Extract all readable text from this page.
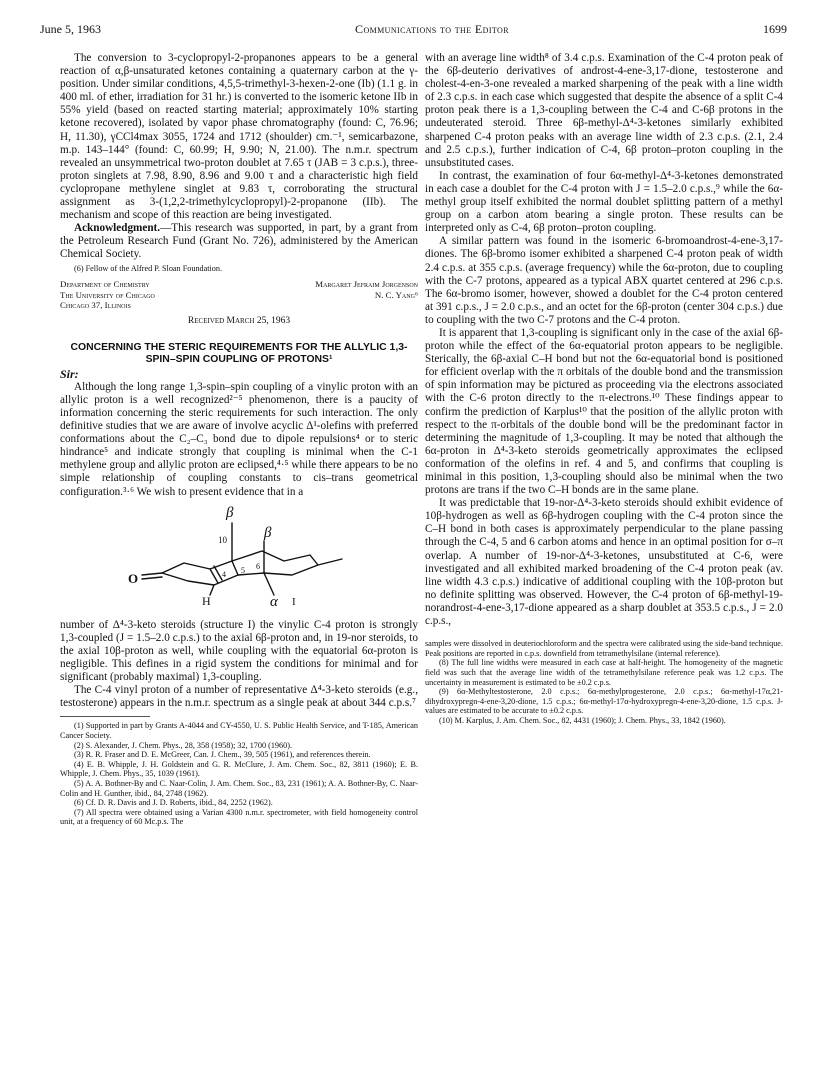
June 5, 1963	Communications to the Editor	1699

The conversion to 3-cyclopropyl-2-propanones appears to be a general reaction of α,β-unsaturated ketones containing a quaternary carbon at the γ-position. Under similar conditions, 4,5,5-trimethyl-3-hexen-2-one (Ib) (1.1 g. in 400 ml. of ether, irradiation for 31 hr.) is converted to the isomeric ketone IIb in 55% yield (based on reacted starting material; approximately 10% starting ketone recovered), isolated by vapor phase chromatography (found: C, 76.96; H, 11.30), γCCl4max 3055, 1724 and 1712 (shoulder) cm.⁻¹, semicarbazone, m.p. 143–144° (found: C, 60.99; H, 9.90; N, 21.00). The n.m.r. spectrum revealed an unsymmetrical two-proton doublet at 7.65 τ (JAB = 3 c.p.s.), three-proton singlets at 7.98, 8.90, 8.96 and 9.00 τ and a characteristic high field cyclopropane methylene singlet at 9.83 τ, corroborating the structural assignment as 3-(1,2,2-trimethylcyclopropyl)-2-propanone (IIb). The mechanism and scope of this reaction are being investigated.

Acknowledgment.—This research was supported, in part, by a grant from the Petroleum Research Fund (Grant No. 726), administered by the American Chemical Society.

(6) Fellow of the Alfred P. Sloan Foundation.

Department of Chemistry
The University of Chicago
Chicago 37, Illinois
Margaret Jefraim Jorgenson
N. C. Yang⁶
Received March 25, 1963
CONCERNING THE STERIC REQUIREMENTS FOR THE ALLYLIC 1,3-SPIN–SPIN COUPLING OF PROTONS¹

Sir:

Although the long range 1,3-spin–spin coupling of a vinylic proton with an allylic proton is a well recognized²⁻⁵ phenomenon, there is a paucity of information concerning the steric requirements for such interaction. The only definitive studies that we are aware of involve acyclic Δ¹-olefins with preferred conformations about the C₂–C₃ bond due to dipole repulsions⁴ or to steric hindrance⁵ and indicate strongly that coupling is minimal when the C-1 methylene group and allylic proton are eclipsed,⁴·⁵ while there appears to be no simple relationship of coupling constants to cis–trans geometrical configuration.³·⁶ We wish to present evidence that in a

β
10 β
O	4 5 6
H	α I

number of Δ⁴-3-keto steroids (structure I) the vinylic C-4 proton is strongly 1,3-coupled (J = 1.5–2.0 c.p.s.) to the axial 6β-proton and, in 19-nor steroids, to the axial 10β-proton as well, while coupling with the equatorial 6α-proton is negligible. This defines in a rigid system the conditions for minimal and for significant (probably maximal) 1,3-coupling.

The C-4 vinyl proton of a number of representative Δ⁴-3-keto steroids (e.g., testosterone) appears in the n.m.r. spectrum as a single peak at about 344 c.p.s.⁷

(1) Supported in part by Grants A-4044 and CY-4550, U. S. Public Health Service, and T-185, American Cancer Society.

(2) S. Alexander, J. Chem. Phys., 28, 358 (1958); 32, 1700 (1960).

(3) R. R. Fraser and D. E. McGreer, Can. J. Chem., 39, 505 (1961), and references therein.

(4) E. B. Whipple, J. H. Goldstein and G. R. McClure, J. Am. Chem. Soc., 82, 3811 (1960); E. B. Whipple, J. Chem. Phys., 35, 1039 (1961).

(5) A. A. Bothner-By and C. Naar-Colin, J. Am. Chem. Soc., 83, 231 (1961); A. A. Bothner-By, C. Naar-Colin and H. Gunther, ibid., 84, 2748 (1962).

(6) Cf. D. R. Davis and J. D. Roberts, ibid., 84, 2252 (1962).

(7) All spectra were obtained using a Varian 4300 n.m.r. spectrometer, with field homogeneity control unit, at a frequency of 60 Mc.p.s. The

with an average line width⁸ of 3.4 c.p.s. Examination of the C-4 proton peak of the 6β-deuterio derivatives of androst-4-ene-3,17-dione, testosterone and cholest-4-en-3-one revealed a marked sharpening of the peak with a line width of 2.3 c.p.s. in each case which suggested that despite the absence of a split C-4 proton peak there is a 1,3-coupling between the C-4 and C-6β protons in the undeuterated steroid. Three 6β-methyl-Δ⁴-3-ketones similarly exhibited sharpened C-4 proton peaks with an average line width of 2.3 c.p.s. (2.1, 2.4 and 2.5 c.p.s.), further indication of C-4, 6β proton–proton coupling in the unsubstituted cases.

In contrast, the examination of four 6α-methyl-Δ⁴-3-ketones demonstrated in each case a doublet for the C-4 proton with J = 1.5–2.0 c.p.s.,⁹ while the 6α-methyl group itself exhibited the normal doublet splitting pattern of a methyl group on a carbon atom bearing a single proton. These results can be interpreted only as C-4, 6β proton–proton coupling.

A similar pattern was found in the isomeric 6-bromoandrost-4-ene-3,17-diones. The 6β-bromo isomer exhibited a sharpened C-4 proton peak of width 2.4 c.p.s. at 355 c.p.s. (average frequency) while the 6α-proton, due to coupling with the C-7 protons, appeared as a typical ABX quartet centered at 296 c.p.s. The 6α-bromo isomer, however, showed a doublet for the C-4 proton centered at 391 c.p.s., J = 2.0 c.p.s., and an octet for the 6β-proton (center 304 c.p.s.) due to coupling with the two C-7 protons and the C-4 proton.

It is apparent that 1,3-coupling is significant only in the case of the axial 6β-proton while the effect of the 6α-equatorial proton appears to be negligible. Sterically, the 6β-axial C–H bond but not the 6α-equatorial bond is positioned for efficient overlap with the π orbitals of the double bond and the transmission of spin information may be pictured as proceeding via the electrons associated with the C-6 proton directly to the π-electrons.¹⁰ These findings appear to confirm the prediction of Karplus¹⁰ that the position of the allylic proton with respect to the π-orbitals of the double bond will be the predominant factor in determining the magnitude of 1,3-coupling. It may be noted that although the 6α-proton in Δ⁴-3-keto steroids geometrically approximates the eclipsed conformation of the olefins in ref. 4 and 5, and confirms that coupling is minimal in this position, 1,3-coupling should also be minimal when the two protons are trans if the two C–H bonds are in the same plane.

It was predictable that 19-nor-Δ⁴-3-keto steroids should exhibit evidence of 10β-hydrogen as well as 6β-hydrogen coupling with the C-4 proton since the C–H bond in both cases is approximately perpendicular to the plane passing through the C-4, 5 and 6 carbon atoms and hence in an optimal position for σ–π overlap. A number of 19-nor-Δ⁴-3-ketones, unsubstituted at C-6, were investigated and all exhibited marked broadening of the C-4 proton peak (av. line width 4.3 c.p.s.) indicative of additional coupling with the 10β-proton but no definite splitting was observed. However, the C-4 proton of 6β-methyl-19-norandrost-4-ene-3,17-dione appeared as a sharp doublet at 353.5 c.p.s., J = 2.0 c.p.s.,

samples were dissolved in deuteriochloroform and the spectra were calibrated using the side-band technique. Peak positions are reported in c.p.s. downfield from tetramethylsilane (internal reference).

(8) The full line widths were measured in each case at half-height. The homogeneity of the magnetic field was such that the average line width of the tetramethylsilane reference peak was 1.2 c.p.s. The uncertainty in measurement is estimated to be ±0.2 c.p.s.

(9) 6α-Methyltestosterone, 2.0 c.p.s.; 6α-methylprogesterone, 2.0 c.p.s.; 6α-methyl-17α,21-dihydroxypregn-4-ene-3,20-dione, 1.5 c.p.s.; 6α-methyl-17α-hydroxypregn-4-ene-3,20-dione, 1.5 c.p.s. J-values are estimated to be accurate to ±0.2 c.p.s.

(10) M. Karplus, J. Am. Chem. Soc., 82, 4431 (1960); J. Chem. Phys., 33, 1842 (1960).
